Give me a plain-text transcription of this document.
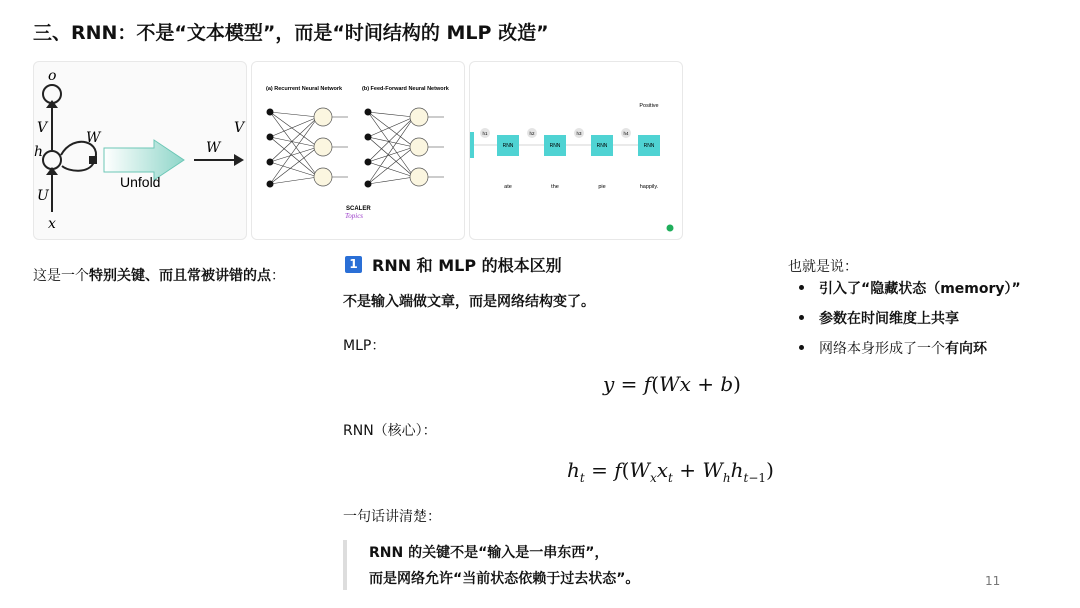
三、RNN：不是“文本模型”，而是“时间结构的 MLP 改造”
o
V
W
h
U
x
Unfold
W
V
(a) Recurrent Neural Network	(b) Feed-Forward Neural Network
SCALER
Topics
RNN	RNN	RNN	RNN
h1	h2	h3	h4
ate	the	pie	happily.
Positive
这是一个特别关键、而且常被讲错的点：
1 RNN 和 MLP 的根本区别
不是输入端做文章，而是网络结构变了。
MLP：
y = f(Wx + b)
RNN（核心）：
$h_t = f(W_xx_t + W_hh_{t-1})$
一句话讲清楚：
RNN 的关键不是“输入是一串东西”，
而是网络允许“当前状态依赖于过去状态”。
也就是说：
引入了“隐藏状态（memory）”
参数在时间维度上共享
网络本身形成了一个有向环
11
